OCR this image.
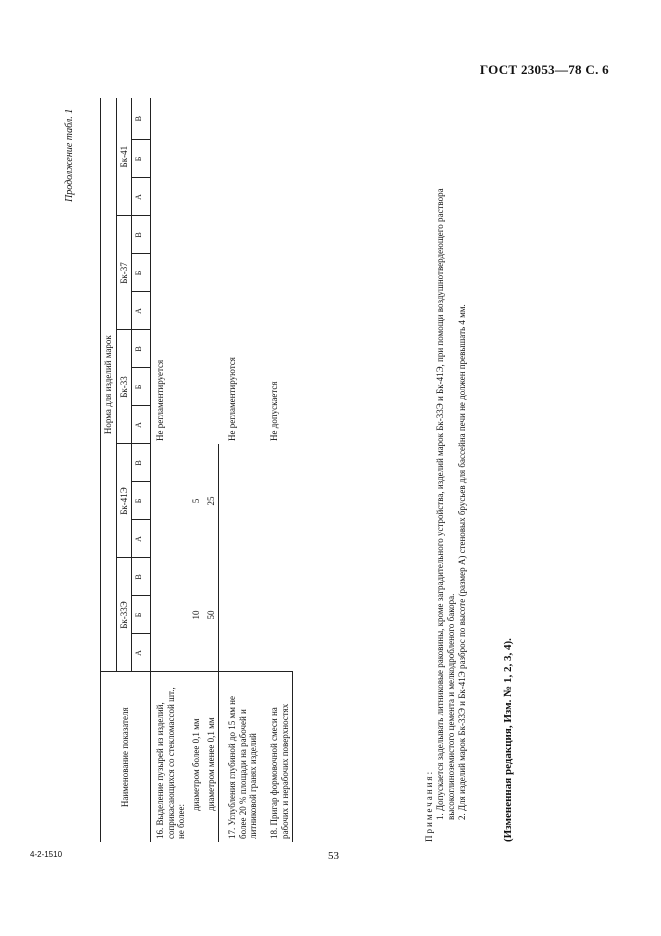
ГОСТ 23053—78 С. 6
4-2-1510	53
Продолжение табл. 1
Наименование показателя	Норма для изделий марок														
	Бк-33Э			Бк-41Э			Бк-33			Бк-37			Бк-41		
	А	Б	В	А	Б	В	А	Б	В	А	Б	В	А	Б	В
16. Выделение пузырей из изделий, соприкасающихся со стекломассой шт., не более:							Не регламентируется								

диаметром более 0,1 мм		10			5										

диаметром менее 0,1 мм		50			25										
17. Углубления глубиной до 15 мм не более 20 % площади на рабочей и литниковой гранях изделий							Не регламентируются								
18. Пригар формовочной смеси на рабочих и нерабочих поверхностях							Не допускается								
Примечания: 1. Допускается заделывать литниковые раковины, кроме заградительного устройства, изделий марок Бк-33Э и Бк-41Э, при помощи воздушнотвердеющего раствора высокоглиноземистого цемента и мелкодробленого бакора. 2. Для изделий марок Бк-33Э и Бк-41Э разброс по высоте (размер А) стеновых брусьев для бассейна печи не должен превышать 4 мм.	(Измененная редакция, Изм. № 1, 2, 3, 4).
